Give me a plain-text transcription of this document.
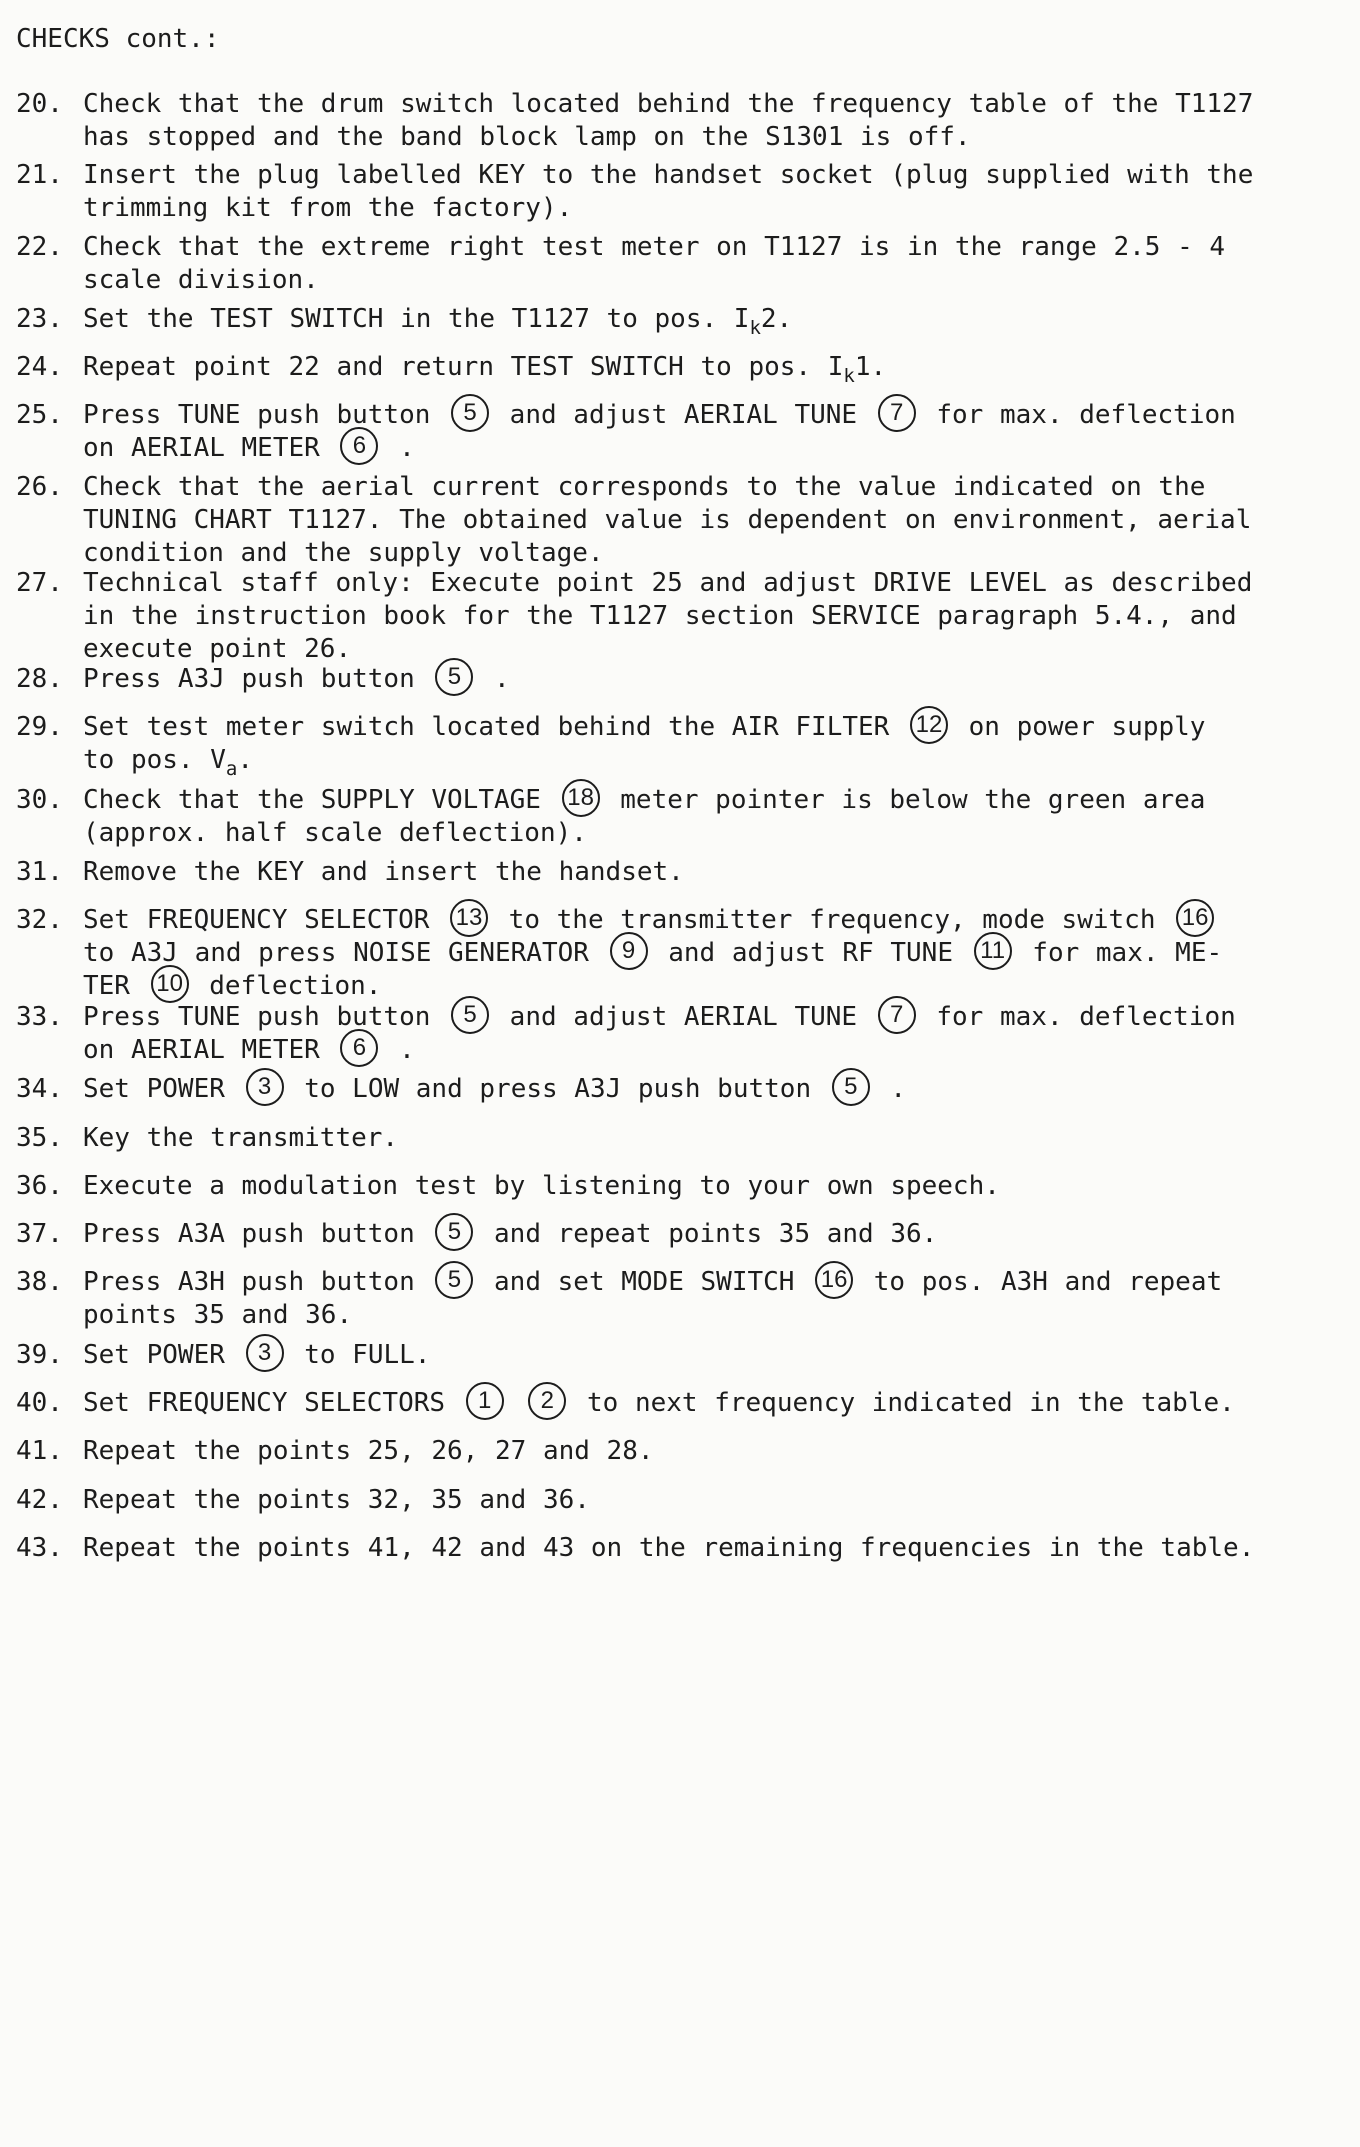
CHECKS cont.:
20. Check that the drum switch located behind the frequency table of the T1127
has stopped and the band block lamp on the S1301 is off.
21. Insert the plug labelled KEY to the handset socket (plug supplied with the
trimming kit from the factory).
22. Check that the extreme right test meter on T1127 is in the range 2.5 - 4
scale division.
23. Set the TEST SWITCH in the T1127 to pos. $I_k2$.
24. Repeat point 22 and return TEST SWITCH to pos. $I_k1$.
25. Press TUNE push button 5 and adjust AERIAL TUNE 7 for max. deflection
on AERIAL METER 6 .
26. Check that the aerial current corresponds to the value indicated on the
TUNING CHART T1127. The obtained value is dependent on environment, aerial
condition and the supply voltage.
27. Technical staff only: Execute point 25 and adjust DRIVE LEVEL as described
in the instruction book for the T1127 section SERVICE paragraph 5.4., and
execute point 26.
28. Press A3J push button 5 .
29. Set test meter switch located behind the AIR FILTER 12 on power supply
to pos. $V_a$.
30. Check that the SUPPLY VOLTAGE 18 meter pointer is below the green area
(approx. half scale deflection).
31. Remove the KEY and insert the handset.
32. Set FREQUENCY SELECTOR 13 to the transmitter frequency, mode switch 16
to A3J and press NOISE GENERATOR 9 and adjust RF TUNE 11 for max. ME-
TER 10 deflection.
33. Press TUNE push button 5 and adjust AERIAL TUNE 7 for max. deflection
on AERIAL METER 6 .
34. Set POWER 3 to LOW and press A3J push button 5 .
35. Key the transmitter.
36. Execute a modulation test by listening to your own speech.
37. Press A3A push button 5 and repeat points 35 and 36.
38. Press A3H push button 5 and set MODE SWITCH 16 to pos. A3H and repeat
points 35 and 36.
39. Set POWER 3 to FULL.
40. Set FREQUENCY SELECTORS 1 2 to next frequency indicated in the table.
41. Repeat the points 25, 26, 27 and 28.
42. Repeat the points 32, 35 and 36.
43. Repeat the points 41, 42 and 43 on the remaining frequencies in the table.
